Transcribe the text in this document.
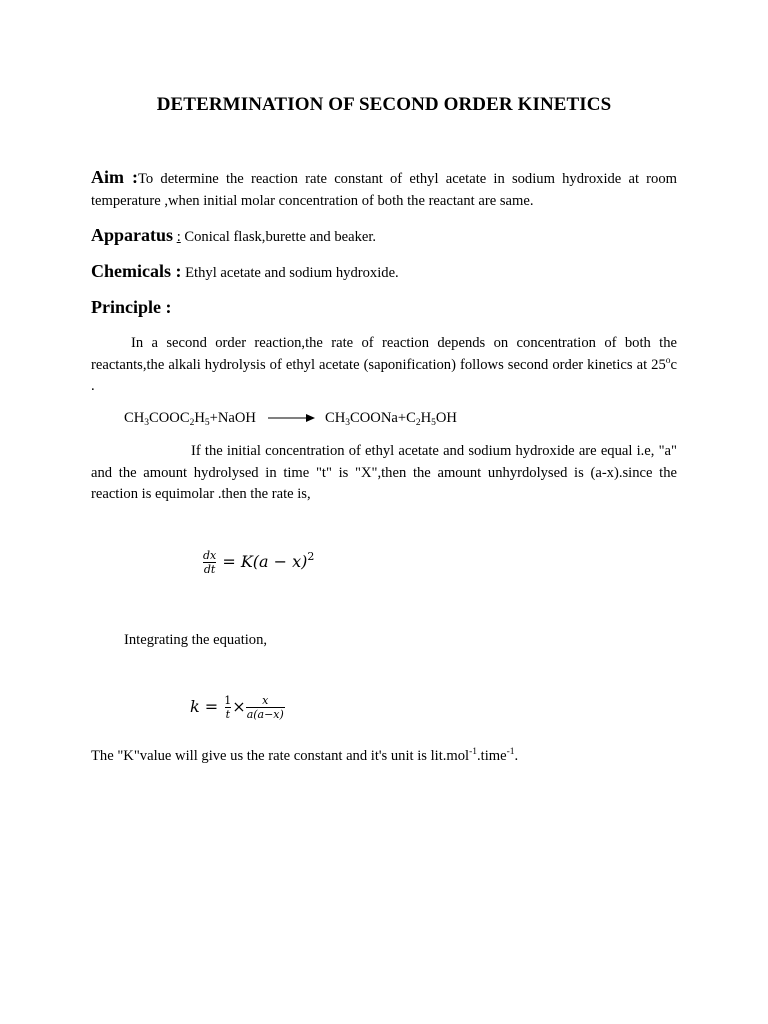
DETERMINATION OF SECOND ORDER KINETICS
Aim :To determine the reaction rate constant of ethyl acetate in sodium hydroxide at room temperature ,when initial molar concentration of both the reactant are same.
Apparatus : Conical flask,burette and beaker.
Chemicals : Ethyl acetate and sodium hydroxide.
Principle :
In a second order reaction,the rate of reaction depends on concentration of both the reactants,the alkali hydrolysis of ethyl acetate (saponification) follows second order kinetics at 25$^o$c .
$CH_3COOC_2H_5+NaOH$ → $CH_3COONa+C_2H_5OH$
If the initial concentration of ethyl acetate and sodium hydroxide are equal i.e, "a" and the amount hydrolysed in time "t" is "X",then the amount unhyrdolysed is (a-x).since the reaction is equimolar .then the rate is,
$\frac{dx}{dt} = K(a - x)^2$
Integrating the equation,
$k = \frac{1}{t} \times \frac{x}{a(a-x)}$
The "K"value will give us the rate constant and it's unit is lit.mol$^{-1}$.time$^{-1}$.
